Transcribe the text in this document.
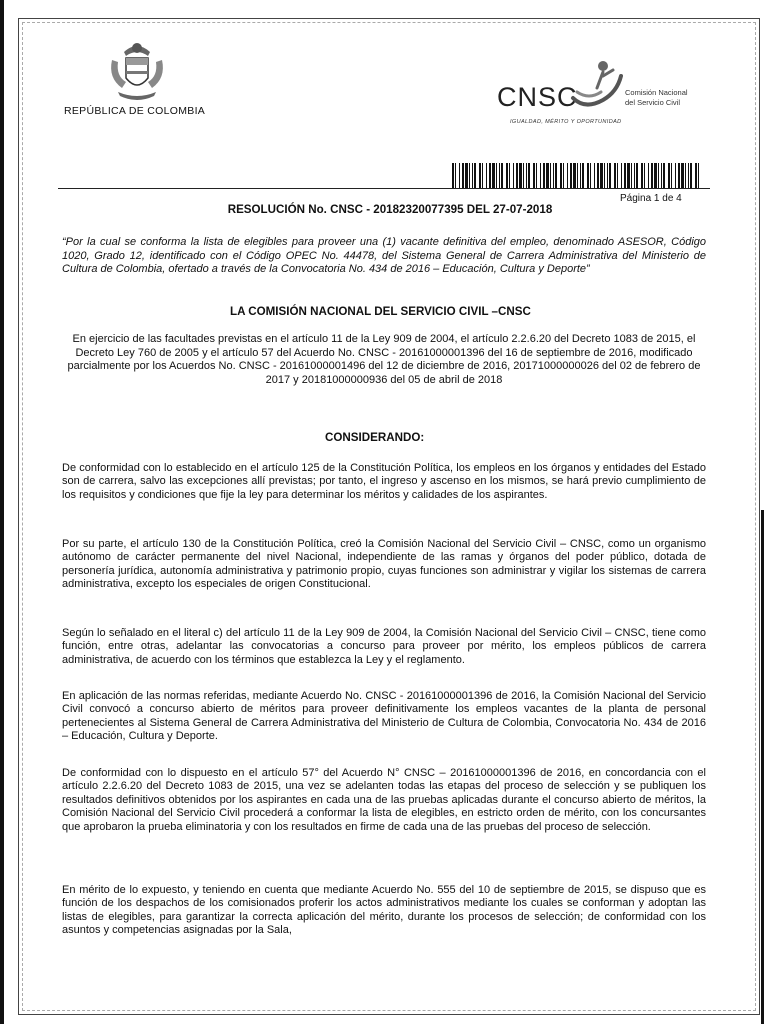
REPÚBLICA DE COLOMBIA	CNSC	Comisión Nacional
del Servicio Civil
IGUALDAD, MÉRITO Y OPORTUNIDAD
Página 1 de 4
RESOLUCIÓN No. CNSC - 20182320077395 DEL 27-07-2018
“Por la cual se conforma la lista de elegibles para proveer una (1) vacante definitiva del empleo, denominado ASESOR, Código 1020, Grado 12, identificado con el Código OPEC No. 44478, del Sistema General de Carrera Administrativa del Ministerio de Cultura de Colombia, ofertado a través de la Convocatoria No. 434 de 2016 – Educación, Cultura y Deporte”
LA COMISIÓN NACIONAL DEL SERVICIO CIVIL –CNSC
En ejercicio de las facultades previstas en el artículo 11 de la Ley 909 de 2004, el artículo 2.2.6.20 del Decreto 1083 de 2015, el Decreto Ley 760 de 2005 y el artículo 57 del Acuerdo No. CNSC - 20161000001396 del 16 de septiembre de 2016, modificado parcialmente por los Acuerdos No. CNSC - 20161000001496 del 12 de diciembre de 2016, 20171000000026 del 02 de febrero de 2017 y 20181000000936 del 05 de abril de 2018
CONSIDERANDO:
De conformidad con lo establecido en el artículo 125 de la Constitución Política, los empleos en los órganos y entidades del Estado son de carrera, salvo las excepciones allí previstas; por tanto, el ingreso y ascenso en los mismos, se hará previo cumplimiento de los requisitos y condiciones que fije la ley para determinar los méritos y calidades de los aspirantes.
Por su parte, el artículo 130 de la Constitución Política, creó la Comisión Nacional del Servicio Civil – CNSC, como un organismo autónomo de carácter permanente del nivel Nacional, independiente de las ramas y órganos del poder público, dotada de personería jurídica, autonomía administrativa y patrimonio propio, cuyas funciones son administrar y vigilar los sistemas de carrera administrativa, excepto los especiales de origen Constitucional.
Según lo señalado en el literal c) del artículo 11 de la Ley 909 de 2004, la Comisión Nacional del Servicio Civil – CNSC, tiene como función, entre otras, adelantar las convocatorias a concurso para proveer por mérito, los empleos públicos de carrera administrativa, de acuerdo con los términos que establezca la Ley y el reglamento.
En aplicación de las normas referidas, mediante Acuerdo No. CNSC - 20161000001396 de 2016, la Comisión Nacional del Servicio Civil convocó a concurso abierto de méritos para proveer definitivamente los empleos vacantes de la planta de personal pertenecientes al Sistema General de Carrera Administrativa del Ministerio de Cultura de Colombia, Convocatoria No. 434 de 2016 – Educación, Cultura y Deporte.
De conformidad con lo dispuesto en el artículo 57° del Acuerdo N° CNSC – 20161000001396 de 2016, en concordancia con el artículo 2.2.6.20 del Decreto 1083 de 2015, una vez se adelanten todas las etapas del proceso de selección y se publiquen los resultados definitivos obtenidos por los aspirantes en cada una de las pruebas aplicadas durante el concurso abierto de méritos, la Comisión Nacional del Servicio Civil procederá a conformar la lista de elegibles, en estricto orden de mérito, con los concursantes que aprobaron la prueba eliminatoria y con los resultados en firme de cada una de las pruebas del proceso de selección.
En mérito de lo expuesto, y teniendo en cuenta que mediante Acuerdo No. 555 del 10 de septiembre de 2015, se dispuso que es función de los despachos de los comisionados proferir los actos administrativos mediante los cuales se conforman y adoptan las listas de elegibles, para garantizar la correcta aplicación del mérito, durante los procesos de selección; de conformidad con los asuntos y competencias asignadas por la Sala,
